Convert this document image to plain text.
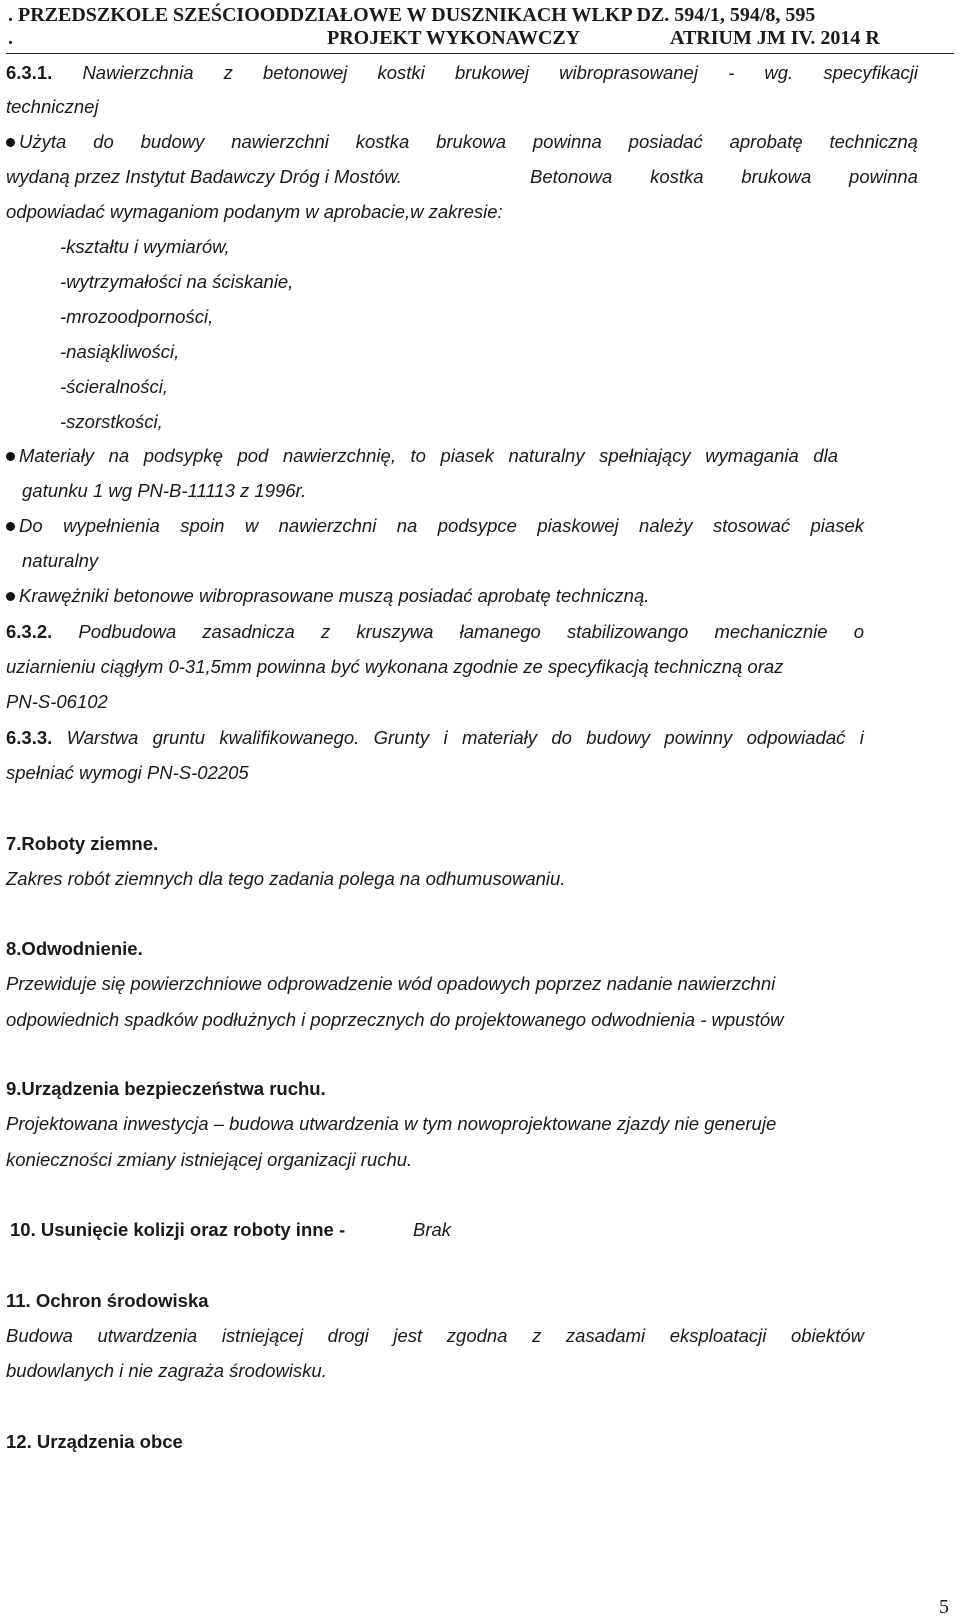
. PRZEDSZKOLE SZEŚCIOODDZIAŁOWE W DUSZNIKACH WLKP DZ. 594/1, 594/8, 595
.	PROJEKT WYKONAWCZY	ATRIUM JM IV. 2014 R
6.3.1. Nawierzchnia z betonowej kostki brukowej wibroprasowanej - wg. specyfikacji
technicznej
Użyta do budowy nawierzchni kostka brukowa powinna posiadać aprobatę techniczną
wydaną przez Instytut Badawczy Dróg i Mostów.	Betonowa kostka brukowa powinna
odpowiadać wymaganiom podanym w aprobacie,w zakresie:
-kształtu i wymiarów,
-wytrzymałości na ściskanie,
-mrozoodporności,
-nasiąkliwości,
-ścieralności,
-szorstkości,
Materiały na podsypkę pod nawierzchnię, to piasek naturalny spełniający wymagania dla
gatunku 1 wg PN-B-11113 z 1996r.
Do wypełnienia spoin w nawierzchni na podsypce piaskowej należy stosować piasek
naturalny
Krawężniki betonowe wibroprasowane muszą posiadać aprobatę techniczną.
6.3.2. Podbudowa zasadnicza z kruszywa łamanego stabilizowango mechanicznie o
uziarnieniu ciągłym 0-31,5mm powinna być wykonana zgodnie ze specyfikacją techniczną oraz
PN-S-06102
6.3.3. Warstwa gruntu kwalifikowanego. Grunty i materiały do budowy powinny odpowiadać i
spełniać wymogi PN-S-02205
7.Roboty ziemne.
Zakres robót ziemnych dla tego zadania polega na odhumusowaniu.
8.Odwodnienie.
Przewiduje się powierzchniowe odprowadzenie wód opadowych poprzez nadanie nawierzchni
odpowiednich spadków podłużnych i poprzecznych do projektowanego odwodnienia - wpustów
9.Urządzenia bezpieczeństwa ruchu.
Projektowana inwestycja – budowa utwardzenia w tym nowoprojektowane zjazdy nie generuje
konieczności zmiany istniejącej organizacji ruchu.
10. Usunięcie kolizji oraz roboty inne -	Brak
11. Ochron środowiska
Budowa utwardzenia istniejącej drogi jest zgodna z zasadami eksploatacji obiektów
budowlanych i nie zagraża środowisku.
12. Urządzenia obce
5
